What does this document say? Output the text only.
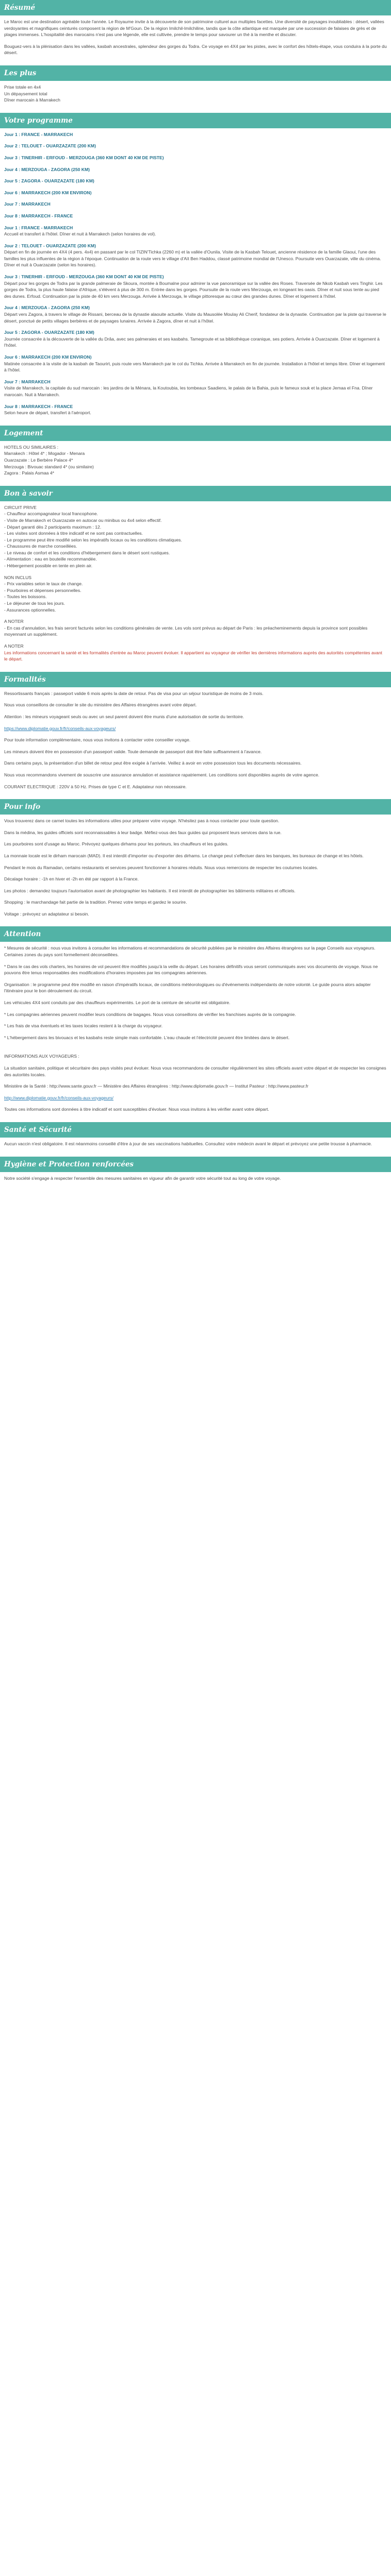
Résumé

Le Maroc est une destination agréable toute l'année. Le Royaume invite à la découverte de son patrimoine culturel aux multiples facettes. Une diversité de paysages inoubliables : désert, vallées verdoyantes et magnifiques ceinturés composent la région de M'Goun. De la région Imilchil-Imilchiline, tandis que la côte atlantique est marquée par une succession de falaises de grès et de plages immenses. L'hospitalité des marocains n'est pas une légende, elle est cultivée, prendre le temps pour savourer un thé à la menthe et discuter.

Bouguez-vers à la plénisation dans les vallées, kasbah ancestrales, splendeur des gorges du Todra. Ce voyage en 4X4 par les pistes, avec le confort des hôtels-étape, vous conduira à la porte du désert.

Les plus

Prise totale en 4x4

Un dépaysement total

Dîner marocain à Marrakech

Votre programme

Jour 1 : FRANCE - MARRAKECH

Jour 2 : TELOUET - OUARZAZATE (200 KM)

Jour 3 : TINERHIR - ERFOUD - MERZOUGA (360 KM DONT 40 KM DE PISTE)

Jour 4 : MERZOUGA - ZAGORA (250 KM)

Jour 5 : ZAGORA - OUARZAZATE (180 KM)

Jour 6 : MARRAKECH (200 KM ENVIRON)

Jour 7 : MARRAKECH

Jour 8 : MARRAKECH - FRANCE

Jour 1 : FRANCE - MARRAKECH

Accueil et transfert à l'hôtel. Dîner et nuit à Marrakech (selon horaires de vol).

Jour 2 : TELOUET - OUARZAZATE (200 KM)

Départ en fin de journée en 4X4 (4 pers. 4x4) en passant par le col TIZIN'Tichka (2260 m) et la vallée d'Ounila. Visite de la Kasbah Telouet, ancienne résidence de la famille Glaoui, l'une des familles les plus influentes de la région à l'époque. Continuation de la route vers le village d'Aït Ben Haddou, classé patrimoine mondial de l'Unesco. Poursuite vers Ouarzazate, ville du cinéma. Dîner et nuit à Ouarzazate (selon les horaires).

Jour 3 : TINERHIR - ERFOUD - MERZOUGA (360 KM DONT 40 KM DE PISTE)

Départ pour les gorges de Todra par la grande palmeraie de Skoura, montée à Boumalne pour admirer la vue panoramique sur la vallée des Roses. Traversée de Nkob Kasbah vers Tinghir. Les gorges de Todra, la plus haute falaise d'Afrique, s'élèvent à plus de 300 m. Entrée dans les gorges. Poursuite de la route vers Merzouga, en longeant les oasis. Dîner et nuit sous tente au pied des dunes. Erfoud. Continuation par la piste de 40 km vers Merzouga. Arrivée à Merzouga, le village pittoresque au cœur des grandes dunes. Dîner et logement à l'hôtel.

Jour 4 : MERZOUGA - ZAGORA (250 KM)

Départ vers Zagora, à travers le village de Rissani, berceau de la dynastie alaouite actuelle. Visite du Mausolée Moulay Ali Cherif, fondateur de la dynastie. Continuation par la piste qui traverse le désert, ponctué de petits villages berbères et de paysages lunaires. Arrivée à Zagora, dîner et nuit à l'hôtel.

Jour 5 : ZAGORA - OUARZAZATE (180 KM)

Journée consacrée à la découverte de la vallée du Drâa, avec ses palmeraies et ses kasbahs. Tamegroute et sa bibliothèque coranique, ses potiers. Arrivée à Ouarzazate. Dîner et logement à l'hôtel.

Jour 6 : MARRAKECH (200 KM ENVIRON)

Matinée consacrée à la visite de la kasbah de Taourirt, puis route vers Marrakech par le col du Tichka. Arrivée à Marrakech en fin de journée. Installation à l'hôtel et temps libre. Dîner et logement à l'hôtel.

Jour 7 : MARRAKECH

Visite de Marrakech, la capitale du sud marocain : les jardins de la Ménara, la Koutoubia, les tombeaux Saadiens, le palais de la Bahia, puis le fameux souk et la place Jemaa el Fna. Dîner marocain. Nuit à Marrakech.

Jour 8 : MARRAKECH - FRANCE

Selon heure de départ, transfert à l'aéroport.

Logement

HOTELS OU SIMILAIRES :

Marrakech : Hôtel 4* ; Mogador - Menara

Ouarzazate : Le Berbère Palace 4*

Merzouga : Bivouac standard 4* (ou similaire)

Zagora : Palais Asmaa 4*

Bon à savoir

CIRCUIT PRIVE

- Chauffeur accompagnateur local francophone.

- Visite de Marrakech et Ouarzazate en autocar ou minibus ou 4x4 selon effectif.

- Départ garanti dès 2 participants maximum : 12.

- Les visites sont données à titre indicatif et ne sont pas contractuelles.

- Le programme peut être modifié selon les impératifs locaux ou les conditions climatiques.

- Chaussures de marche conseillées.

- Le niveau de confort et les conditions d'hébergement dans le désert sont rustiques.

- Alimentation : eau en bouteille recommandée.

- Hébergement possible en tente en plein air.

NON INCLUS

- Prix variables selon le taux de change.

- Pourboires et dépenses personnelles.

- Toutes les boissons.

- Le déjeuner de tous les jours.

- Assurances optionnelles.

A NOTER

- En cas d'annulation, les frais seront facturés selon les conditions générales de vente. Les vols sont prévus au départ de Paris : les préacheminements depuis la province sont possibles moyennant un supplément.

A NOTER

Les informations concernant la santé et les formalités d'entrée au Maroc peuvent évoluer. Il appartient au voyageur de vérifier les dernières informations auprès des autorités compétentes avant le départ.

Formalités

Ressortissants français : passeport valide 6 mois après la date de retour. Pas de visa pour un séjour touristique de moins de 3 mois.

Nous vous conseillons de consulter le site du ministère des Affaires étrangères avant votre départ.

Attention : les mineurs voyageant seuls ou avec un seul parent doivent être munis d'une autorisation de sortie du territoire.

https://www.diplomatie.gouv.fr/fr/conseils-aux-voyageurs/

Pour toute information complémentaire, nous vous invitons à contacter votre conseiller voyage.

Les mineurs doivent être en possession d'un passeport valide. Toute demande de passeport doit être faite suffisamment à l'avance.

Dans certains pays, la présentation d'un billet de retour peut être exigée à l'arrivée. Veillez à avoir en votre possession tous les documents nécessaires.

Nous vous recommandons vivement de souscrire une assurance annulation et assistance rapatriement. Les conditions sont disponibles auprès de votre agence.

COURANT ELECTRIQUE : 220V à 50 Hz. Prises de type C et E. Adaptateur non nécessaire.

Pour info

Vous trouverez dans ce carnet toutes les informations utiles pour préparer votre voyage. N'hésitez pas à nous contacter pour toute question.

Dans la médina, les guides officiels sont reconnaissables à leur badge. Méfiez-vous des faux guides qui proposent leurs services dans la rue.

Les pourboires sont d'usage au Maroc. Prévoyez quelques dirhams pour les porteurs, les chauffeurs et les guides.

La monnaie locale est le dirham marocain (MAD). Il est interdit d'importer ou d'exporter des dirhams. Le change peut s'effectuer dans les banques, les bureaux de change et les hôtels.

Pendant le mois du Ramadan, certains restaurants et services peuvent fonctionner à horaires réduits. Nous vous remercions de respecter les coutumes locales.

Décalage horaire : -1h en hiver et -2h en été par rapport à la France.

Les photos : demandez toujours l'autorisation avant de photographier les habitants. Il est interdit de photographier les bâtiments militaires et officiels.

Shopping : le marchandage fait partie de la tradition. Prenez votre temps et gardez le sourire.

Voltage : prévoyez un adaptateur si besoin.

Attention

* Mesures de sécurité : nous vous invitons à consulter les informations et recommandations de sécurité publiées par le ministère des Affaires étrangères sur la page Conseils aux voyageurs. Certaines zones du pays sont formellement déconseillées.

* Dans le cas des vols charters, les horaires de vol peuvent être modifiés jusqu'à la veille du départ. Les horaires définitifs vous seront communiqués avec vos documents de voyage. Nous ne pouvons être tenus responsables des modifications d'horaires imposées par les compagnies aériennes.

Organisation : le programme peut être modifié en raison d'impératifs locaux, de conditions météorologiques ou d'événements indépendants de notre volonté. Le guide pourra alors adapter l'itinéraire pour le bon déroulement du circuit.

Les véhicules 4X4 sont conduits par des chauffeurs expérimentés. Le port de la ceinture de sécurité est obligatoire.

* Les compagnies aériennes peuvent modifier leurs conditions de bagages. Nous vous conseillons de vérifier les franchises auprès de la compagnie.

* Les frais de visa éventuels et les taxes locales restent à la charge du voyageur.

* L'hébergement dans les bivouacs et les kasbahs reste simple mais confortable. L'eau chaude et l'électricité peuvent être limitées dans le désert.

INFORMATIONS AUX VOYAGEURS :

La situation sanitaire, politique et sécuritaire des pays visités peut évoluer. Nous vous recommandons de consulter régulièrement les sites officiels avant votre départ et de respecter les consignes des autorités locales.

Ministère de la Santé : http://www.sante.gouv.fr — Ministère des Affaires étrangères : http://www.diplomatie.gouv.fr — Institut Pasteur : http://www.pasteur.fr

http://www.diplomatie.gouv.fr/fr/conseils-aux-voyageurs/

Toutes ces informations sont données à titre indicatif et sont susceptibles d'évoluer. Nous vous invitons à les vérifier avant votre départ.

Santé et Sécurité

Aucun vaccin n'est obligatoire. Il est néanmoins conseillé d'être à jour de ses vaccinations habituelles. Consultez votre médecin avant le départ et prévoyez une petite trousse à pharmacie.

Hygiène et Protection renforcées

Notre société s'engage à respecter l'ensemble des mesures sanitaires en vigueur afin de garantir votre sécurité tout au long de votre voyage.
